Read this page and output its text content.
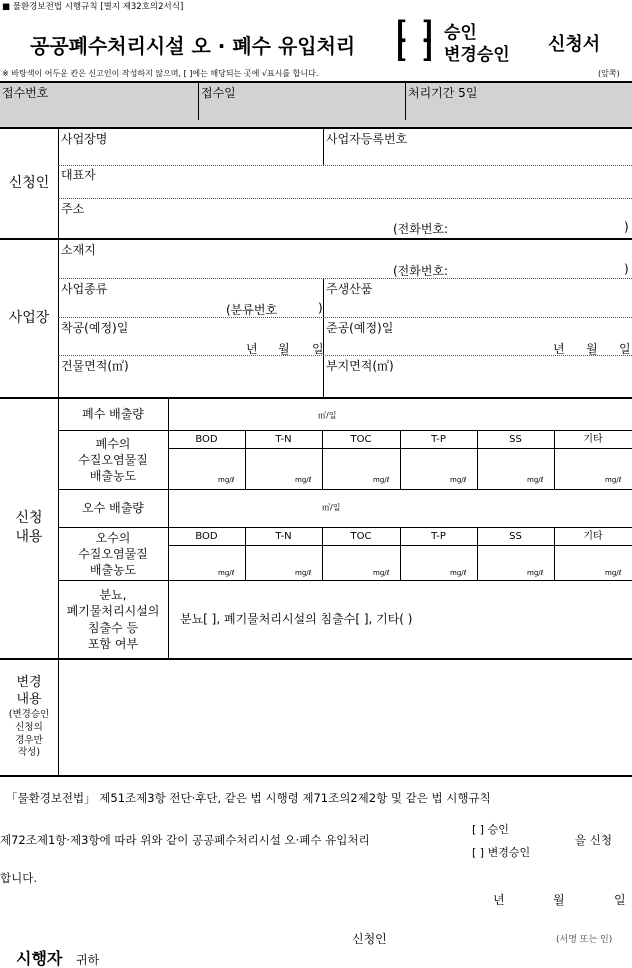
■ 물환경보전법 시행규칙 [별지 제32호의2서식]
공공폐수처리시설 오 · 폐수 유입처리
[ ]
[ ]
승인
변경승인 신청서
※ 바탕색이 어두운 칸은 신고인이 작성하지 않으며, [ ]에는 해당되는 곳에 √표시를 합니다.	(앞쪽)
접수번호	접수일	처리기간 5일
신청인
사업장명	사업자등록번호
대표자
주소
(전화번호:	)
사업장
소재지
(전화번호:	)
사업종류
(분류번호	)
주생산품
착공(예정)일
년 월 일
준공(예정)일
년 월 일
건물면적(㎡)	부지면적(㎡)
신청
내용
폐수 배출량	㎥/일
폐수의
수질오염물질
배출농도
BOD	T-N	TOC	T-P	SS	기타
mg/ℓ	mg/ℓ	mg/ℓ	mg/ℓ	mg/ℓ	mg/ℓ
오수 배출량	㎥/일
오수의
수질오염물질
배출농도
BOD	T-N	TOC	T-P	SS	기타
mg/ℓ	mg/ℓ	mg/ℓ	mg/ℓ	mg/ℓ	mg/ℓ
분뇨,
폐기물처리시설의
침출수 등
포함 여부
분뇨[ ], 폐기물처리시설의 침출수[ ], 기타( )
변경
내용
(변경승인
신청의
경우만
작성)
「물환경보전법」 제51조제3항 전단·후단, 같은 법 시행령 제71조의2제2항 및 같은 법 시행규칙
제72조제1항·제3항에 따라 위와 같이 공공폐수처리시설 오·폐수 유입처리
[ ] 승인
[ ] 변경승인
을 신청
합니다.
년	월	일
신청인	(서명 또는 인)
시행자 귀하
